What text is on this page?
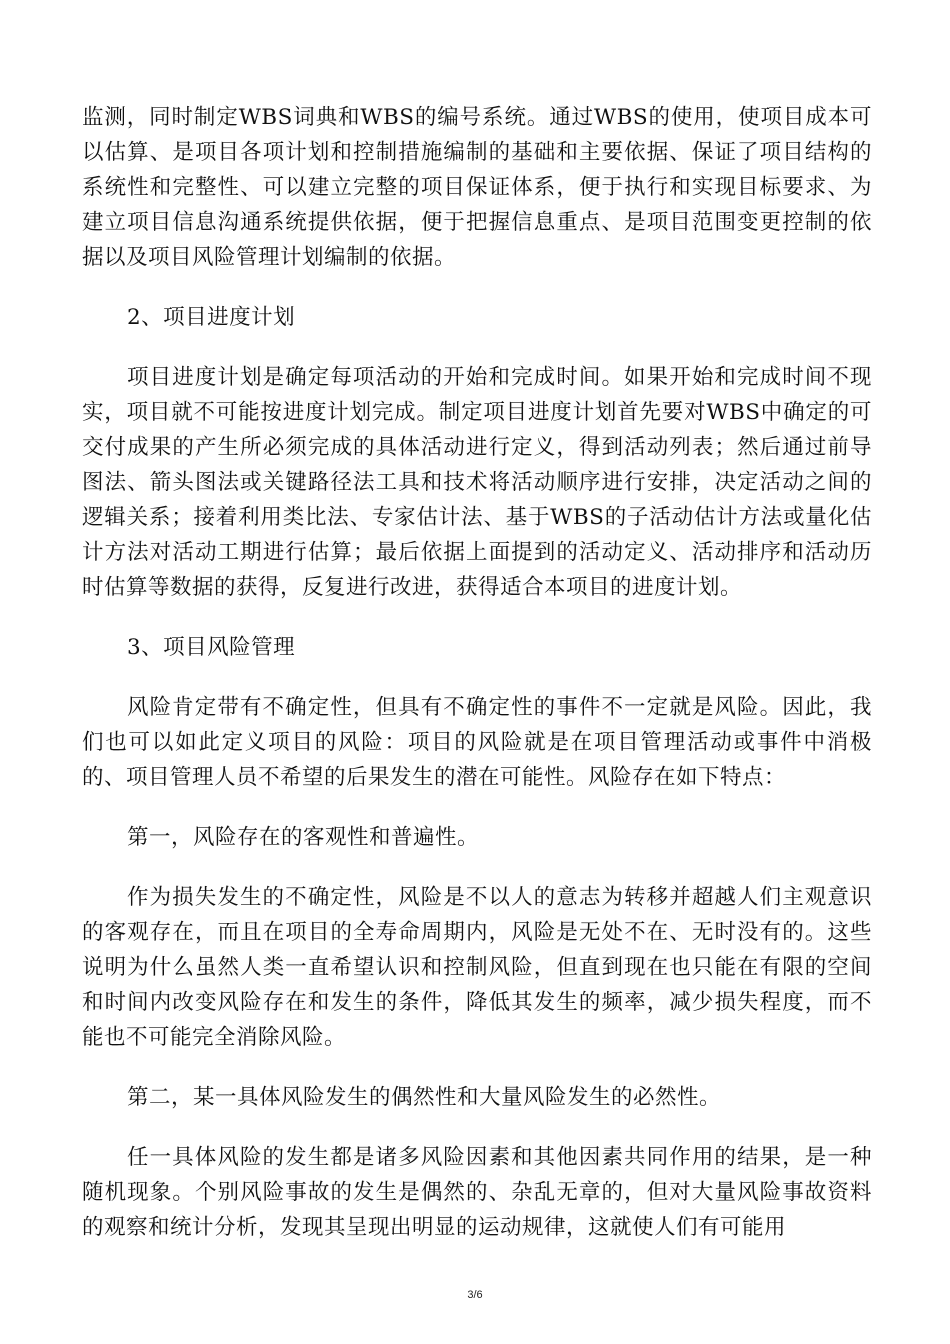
监测，同时制定WBS词典和WBS的编号系统。通过WBS的使用，使项目成本可以估算、是项目各项计划和控制措施编制的基础和主要依据、保证了项目结构的系统性和完整性、可以建立完整的项目保证体系，便于执行和实现目标要求、为建立项目信息沟通系统提供依据，便于把握信息重点、是项目范围变更控制的依据以及项目风险管理计划编制的依据。

2、项目进度计划

项目进度计划是确定每项活动的开始和完成时间。如果开始和完成时间不现实，项目就不可能按进度计划完成。制定项目进度计划首先要对WBS中确定的可交付成果的产生所必须完成的具体活动进行定义，得到活动列表；然后通过前导图法、箭头图法或关键路径法工具和技术将活动顺序进行安排，决定活动之间的逻辑关系；接着利用类比法、专家估计法、基于WBS的子活动估计方法或量化估计方法对活动工期进行估算；最后依据上面提到的活动定义、活动排序和活动历时估算等数据的获得，反复进行改进，获得适合本项目的进度计划。

3、项目风险管理

风险肯定带有不确定性，但具有不确定性的事件不一定就是风险。因此，我们也可以如此定义项目的风险：项目的风险就是在项目管理活动或事件中消极的、项目管理人员不希望的后果发生的潜在可能性。风险存在如下特点：

第一，风险存在的客观性和普遍性。

作为损失发生的不确定性，风险是不以人的意志为转移并超越人们主观意识的客观存在，而且在项目的全寿命周期内，风险是无处不在、无时没有的。这些说明为什么虽然人类一直希望认识和控制风险，但直到现在也只能在有限的空间和时间内改变风险存在和发生的条件，降低其发生的频率，减少损失程度，而不能也不可能完全消除风险。

第二，某一具体风险发生的偶然性和大量风险发生的必然性。

任一具体风险的发生都是诸多风险因素和其他因素共同作用的结果，是一种随机现象。个别风险事故的发生是偶然的、杂乱无章的，但对大量风险事故资料的观察和统计分析，发现其呈现出明显的运动规律，这就使人们有可能用

3/6
